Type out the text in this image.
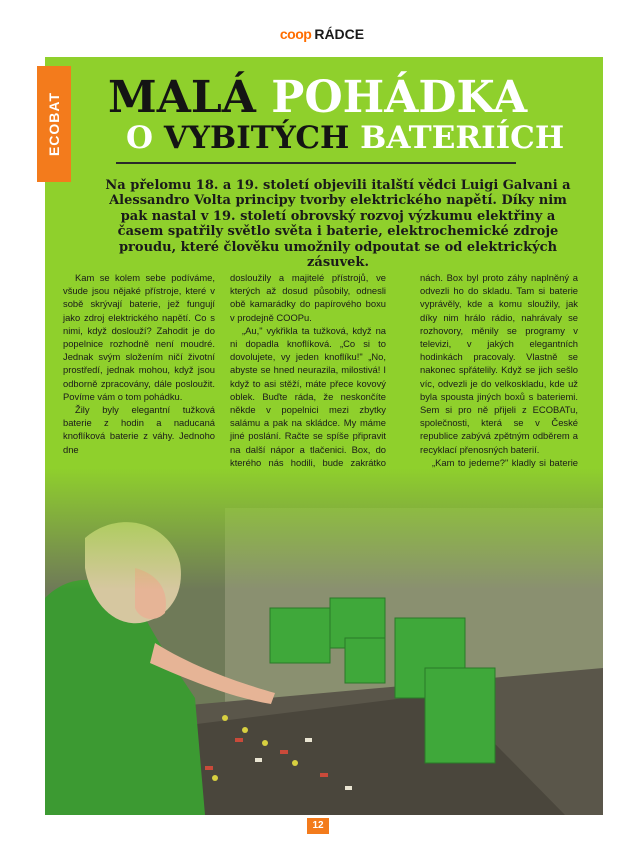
coop RÁDCE
ECOBAT MALÁ POHÁDKA
O VYBITÝCH BATERIÍCH
Na přelomu 18. a 19. století objevili italští vědci Luigi Galvani a Alessandro Volta principy tvorby elektrického napětí. Díky nim pak nastal v 19. století obrovský rozvoj výzkumu elektřiny a časem spatřily světlo světa i baterie, elektrochemické zdroje proudu, které člověku umožnily odpoutat se od elektrických zásuvek.

Kam se kolem sebe podíváme, všude jsou nějaké přístroje, které v sobě skrývají baterie, jež fungují jako zdroj elektrického napětí. Co s nimi, když doslouží? Zahodit je do popelnice rozhodně není moudré. Jednak svým složením ničí životní prostředí, jednak mohou, když jsou odborně zpracovány, dále posloužit. Povíme vám o tom pohádku.

Žily byly elegantní tužková baterie z hodin a naducaná knoflíková baterie z váhy. Jednoho dne

dosloužily a majitelé přístrojů, ve kterých až dosud působily, odnesli obě kamarádky do papírového boxu v prodejně COOPu.

„Au," vykřikla ta tužková, když na ni dopadla knoflíková. „Co si to dovolujete, vy jeden knoflíku!" „No, abyste se hned neurazila, milostivá! I když to asi stěží, máte přece kovový oblek. Buďte ráda, že neskončíte někde v popelnici mezi zbytky salámu a pak na skládce. My máme jiné poslání. Račte se spíše připravit na další nápor a tlačenici. Box, do kterého nás hodili, bude zakrátko

nách. Box byl proto záhy naplněný a odvezli ho do skladu. Tam si baterie vyprávěly, kde a komu sloužily, jak díky nim hrálo rádio, nahrávaly se rozhovory, měnily se programy v televizi, v jakých elegantních hodinkách pracovaly. Vlastně se nakonec spřátelily. Když se jich sešlo víc, odvezli je do velkoskladu, kde už byla spousta jiných boxů s bateriemi. Sem si pro ně přijeli z ECOBATu, společnosti, která se v České republice zabývá zpětným odběrem a recyklací přenosných baterií.

„Kam to jedeme?" kladly si baterie

12
